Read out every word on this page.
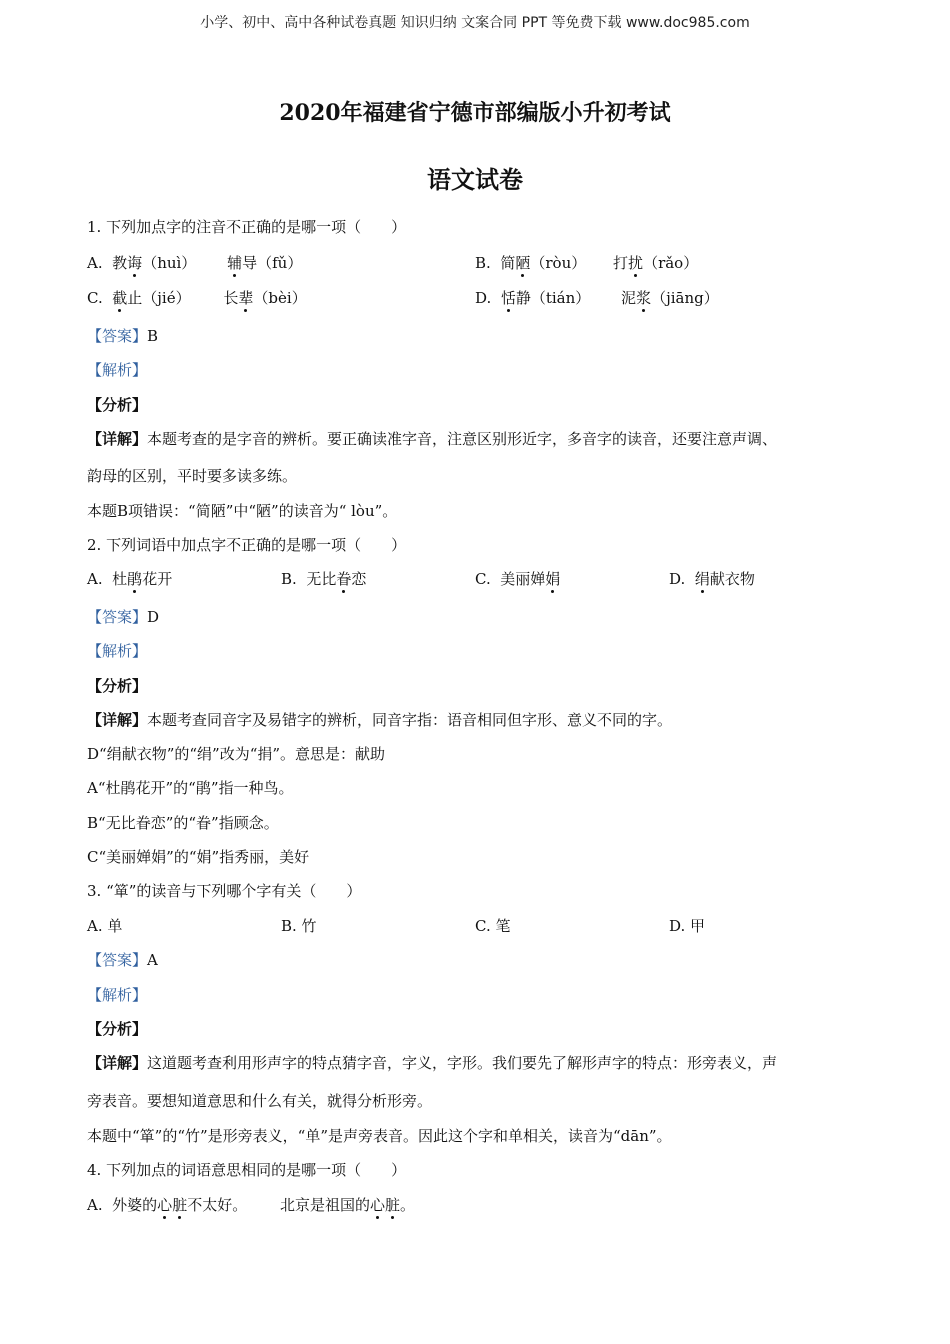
小学、初中、高中各种试卷真题 知识归纳 文案合同 PPT 等免费下载 www.doc985.com
2020年福建省宁德市部编版小升初考试
语文试卷
1. 下列加点字的注音不正确的是哪一项（　　）
A. 教诲（huì） 辅导（fǔ）	B. 简陋（ròu） 打扰（rǎo）
C. 截止（jié） 长辈（bèi）	D. 恬静（tián） 泥浆（jiāng）
【答案】B
【解析】
【分析】
【详解】本题考查的是字音的辨析。要正确读准字音，注意区别形近字，多音字的读音，还要注意声调、
韵母的区别，平时要多读多练。
本题B项错误：“简陋”中“陋”的读音为“ lòu”。
2. 下列词语中加点字不正确的是哪一项（　　）
A. 杜鹃花开	B. 无比眷恋	C. 美丽婵娟	D. 绢献衣物
【答案】D
【解析】
【分析】
【详解】本题考查同音字及易错字的辨析，同音字指：语音相同但字形、意义不同的字。
D“绢献衣物”的“绢”改为“捐”。意思是：献助
A“杜鹃花开”的“鹃”指一种鸟。
B“无比眷恋”的“眷”指顾念。
C“美丽婵娟”的“娟”指秀丽，美好
3. “箪”的读音与下列哪个字有关（　　）
A. 单	B. 竹	C. 笔	D. 甲
【答案】A
【解析】
【分析】
【详解】这道题考查利用形声字的特点猜字音，字义，字形。我们要先了解形声字的特点：形旁表义，声
旁表音。要想知道意思和什么有关，就得分析形旁。
本题中“箪”的“竹”是形旁表义，“单”是声旁表音。因此这个字和单相关，读音为“dān”。
4. 下列加点的词语意思相同的是哪一项（　　）
A. 外婆的心脏不太好。 北京是祖国的心脏。
